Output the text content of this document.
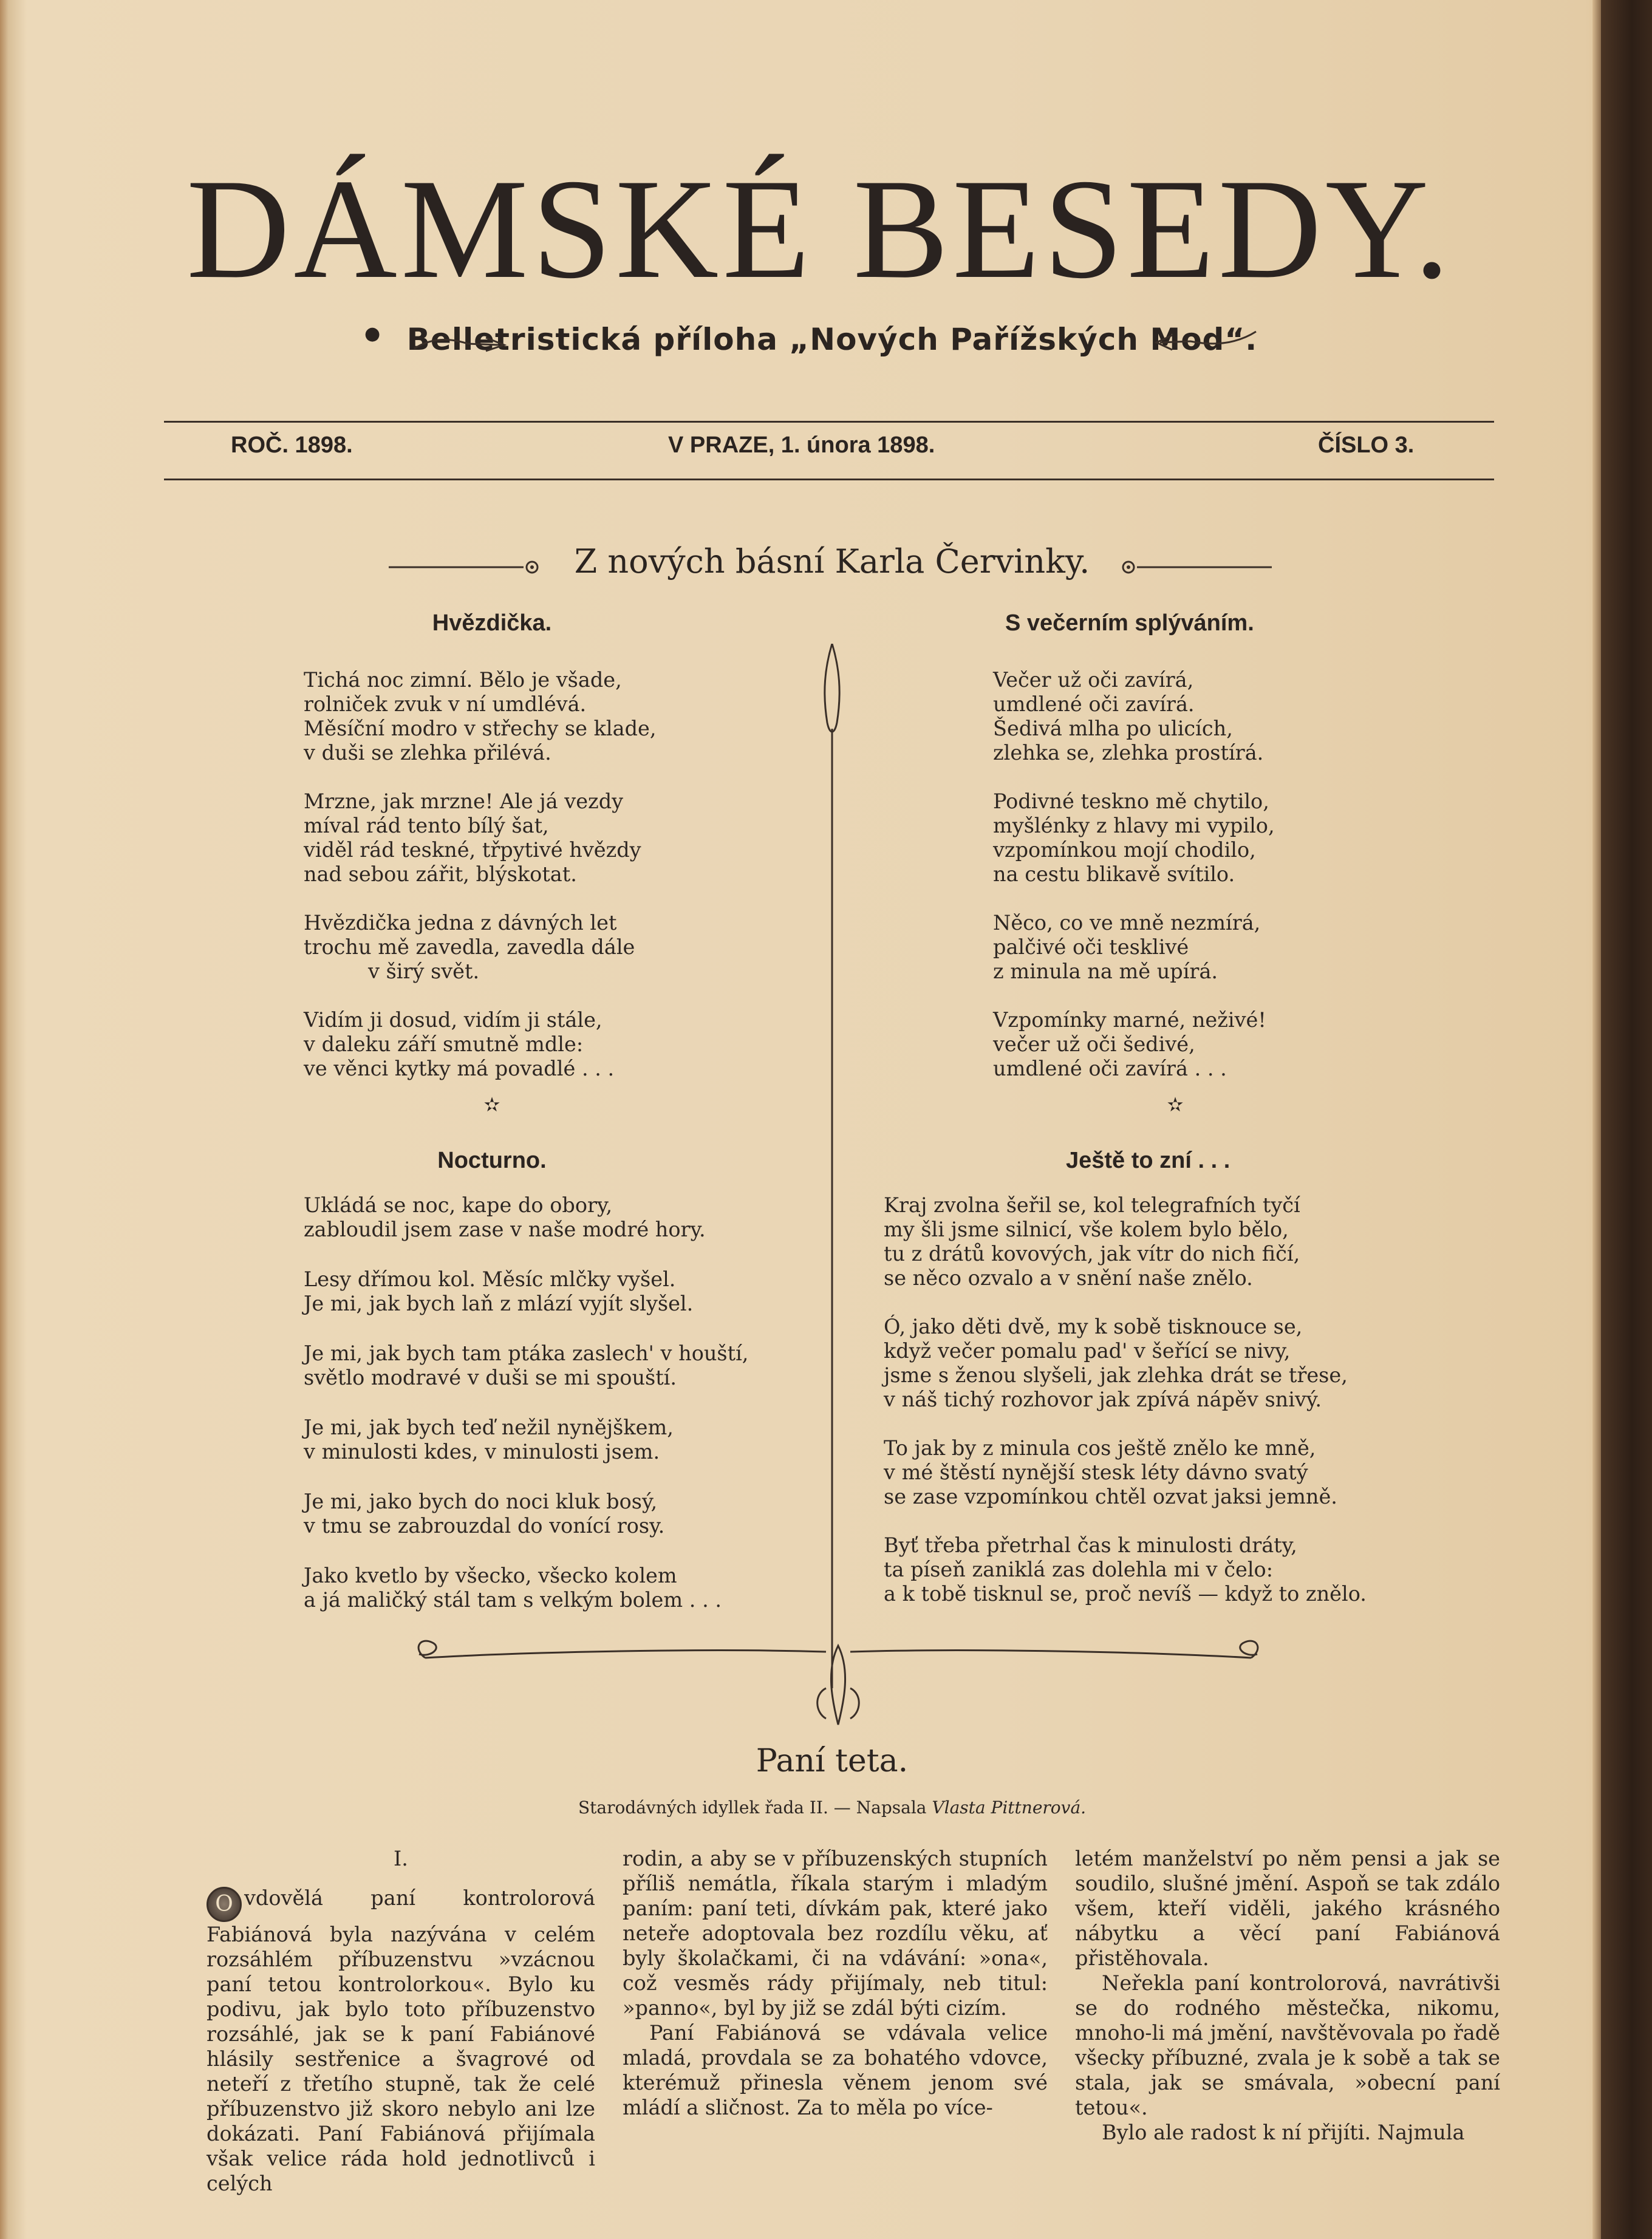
DÁMSKÉ BESEDY.
● Belletristická příloha „Nových Pařížských Mod“.
ROČ. 1898.	V PRAZE, 1. února 1898.	ČÍSLO 3.
Z nových básní Karla Červinky.
Hvězdička.
Tichá noc zimní. Bělo je všade,
rolniček zvuk v ní umdlévá.
Měsíční modro v střechy se klade,
v duši se zlehka přilévá.
Mrzne, jak mrzne! Ale já vezdy
míval rád tento bílý šat,
viděl rád teskné, třpytivé hvězdy
nad sebou zářit, blýskotat.
Hvězdička jedna z dávných let
trochu mě zavedla, zavedla dále
v širý svět.
Vidím ji dosud, vidím ji stále,
v daleku září smutně mdle:
ve věnci kytky má povadlé . . .
✫
Nocturno.
Ukládá se noc, kape do obory,
zabloudil jsem zase v naše modré hory.
Lesy dřímou kol. Měsíc mlčky vyšel.
Je mi, jak bych laň z mlází vyjít slyšel.
Je mi, jak bych tam ptáka zaslech' v houští,
světlo modravé v duši se mi spouští.
Je mi, jak bych teď nežil nynějškem,
v minulosti kdes, v minulosti jsem.
Je mi, jako bych do noci kluk bosý,
v tmu se zabrouzdal do vonící rosy.
Jako kvetlo by všecko, všecko kolem
a já maličký stál tam s velkým bolem . . .
S večerním splýváním.
Večer už oči zavírá,
umdlené oči zavírá.
Šedivá mlha po ulicích,
zlehka se, zlehka prostírá.
Podivné teskno mě chytilo,
myšlénky z hlavy mi vypilo,
vzpomínkou mojí chodilo,
na cestu blikavě svítilo.
Něco, co ve mně nezmírá,
palčivé oči tesklivé
z minula na mě upírá.
Vzpomínky marné, neživé!
večer už oči šedivé,
umdlené oči zavírá . . .
✫
Ještě to zní . . .
Kraj zvolna šeřil se, kol telegrafních tyčí
my šli jsme silnicí, vše kolem bylo bělo,
tu z drátů kovových, jak vítr do nich fičí,
se něco ozvalo a v snění naše znělo.
Ó, jako děti dvě, my k sobě tisknouce se,
když večer pomalu pad' v šeřící se nivy,
jsme s ženou slyšeli, jak zlehka drát se třese,
v náš tichý rozhovor jak zpívá nápěv snivý.
To jak by z minula cos ještě znělo ke mně,
v mé štěstí nynější stesk léty dávno svatý
se zase vzpomínkou chtěl ozvat jaksi jemně.
Byť třeba přetrhal čas k minulosti dráty,
ta píseň zaniklá zas dolehla mi v čelo:
a k tobě tisknul se, proč nevíš — když to znělo.
Paní teta.
Starodávných idyllek řada II. — Napsala Vlasta Pittnerová.
I.

O vdovělá paní kontrolorová Fabiánová byla nazývána v celém rozsáhlém příbuzenstvu »vzácnou paní tetou kontrolorkou«. Bylo ku podivu, jak bylo toto příbuzenstvo rozsáhlé, jak se k paní Fabiánové hlásily sestřenice a švagrové od neteří z třetího stupně, tak že celé příbuzenstvo již skoro nebylo ani lze dokázati. Paní Fabiánová přijímala však velice ráda hold jednotlivců i celých

rodin, a aby se v příbuzenských stupních příliš nemátla, říkala starým i mladým paním: paní teti, dívkám pak, které jako neteře adoptovala bez rozdílu věku, ať byly školačkami, či na vdávání: »ona«, což vesměs rády přijímaly, neb titul: »panno«, byl by již se zdál býti cizím.

Paní Fabiánová se vdávala velice mladá, provdala se za bohatého vdovce, kterémuž přinesla věnem jenom své mládí a sličnost. Za to měla po více-

letém manželství po něm pensi a jak se soudilo, slušné jmění. Aspoň se tak zdálo všem, kteří viděli, jakého krásného nábytku a věcí paní Fabiánová přistěhovala.

Neřekla paní kontrolorová, navrátivši se do rodného městečka, nikomu, mnoho-li má jmění, navštěvovala po řadě všecky příbuzné, zvala je k sobě a tak se stala, jak se smávala, »obecní paní tetou«.

Bylo ale radost k ní přijíti. Najmula
